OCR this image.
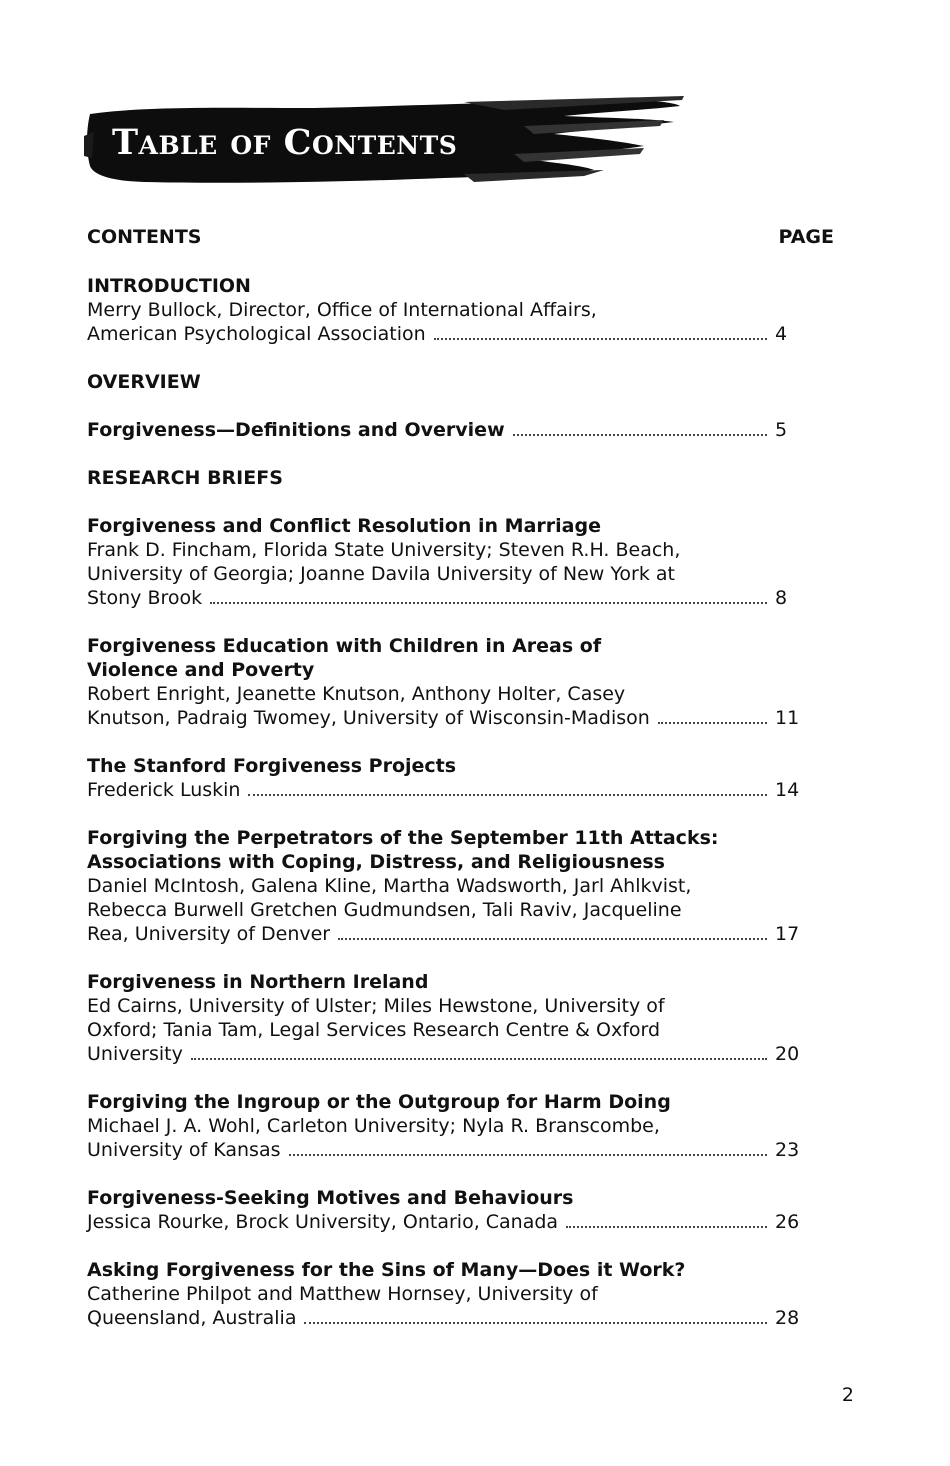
Table of Contents
CONTENTS	PAGE
INTRODUCTION
Merry Bullock, Director, Office of International Affairs,
American Psychological Association	4
OVERVIEW
Forgiveness—Definitions and Overview	5
RESEARCH BRIEFS
Forgiveness and Conflict Resolution in Marriage
Frank D. Fincham, Florida State University; Steven R.H. Beach,
University of Georgia; Joanne Davila University of New York at
Stony Brook	8
Forgiveness Education with Children in Areas of
Violence and Poverty
Robert Enright, Jeanette Knutson, Anthony Holter, Casey
Knutson, Padraig Twomey, University of Wisconsin-Madison	11
The Stanford Forgiveness Projects
Frederick Luskin	14
Forgiving the Perpetrators of the September 11th Attacks:
Associations with Coping, Distress, and Religiousness
Daniel McIntosh, Galena Kline, Martha Wadsworth, Jarl Ahlkvist,
Rebecca Burwell Gretchen Gudmundsen, Tali Raviv, Jacqueline
Rea, University of Denver	17
Forgiveness in Northern Ireland
Ed Cairns, University of Ulster; Miles Hewstone, University of
Oxford; Tania Tam, Legal Services Research Centre & Oxford
University	20
Forgiving the Ingroup or the Outgroup for Harm Doing
Michael J. A. Wohl, Carleton University; Nyla R. Branscombe,
University of Kansas	23
Forgiveness-Seeking Motives and Behaviours
Jessica Rourke, Brock University, Ontario, Canada	26
Asking Forgiveness for the Sins of Many—Does it Work?
Catherine Philpot and Matthew Hornsey, University of
Queensland, Australia	28
2
